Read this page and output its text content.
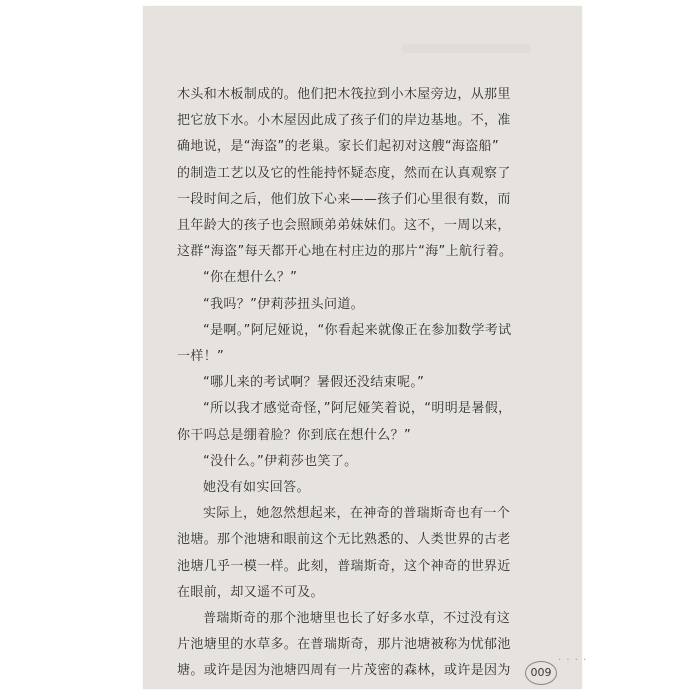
木头和木板制成的。他们把木筏拉到小木屋旁边，从那里

把它放下水。小木屋因此成了孩子们的岸边基地。不，准

确地说，是“海盗”的老巢。家长们起初对这艘“海盗船”

的制造工艺以及它的性能持怀疑态度，然而在认真观察了

一段时间之后，他们放下心来——孩子们心里很有数，而

且年龄大的孩子也会照顾弟弟妹妹们。这不，一周以来，

这群“海盗”每天都开心地在村庄边的那片“海”上航行着。

“你在想什么？”

“我吗？”伊莉莎扭头问道。

“是啊。”阿尼娅说，“你看起来就像正在参加数学考试

一样！”

“哪儿来的考试啊？暑假还没结束呢。”

“所以我才感觉奇怪，”阿尼娅笑着说，“明明是暑假，

你干吗总是绷着脸？你到底在想什么？”

“没什么。”伊莉莎也笑了。

她没有如实回答。

实际上，她忽然想起来，在神奇的普瑞斯奇也有一个

池塘。那个池塘和眼前这个无比熟悉的、人类世界的古老

池塘几乎一模一样。此刻，普瑞斯奇，这个神奇的世界近

在眼前，却又遥不可及。

普瑞斯奇的那个池塘里也长了好多水草，不过没有这

片池塘里的水草多。在普瑞斯奇，那片池塘被称为忧郁池

塘。或许是因为池塘四周有一片茂密的森林，或许是因为

· · · ·
009
